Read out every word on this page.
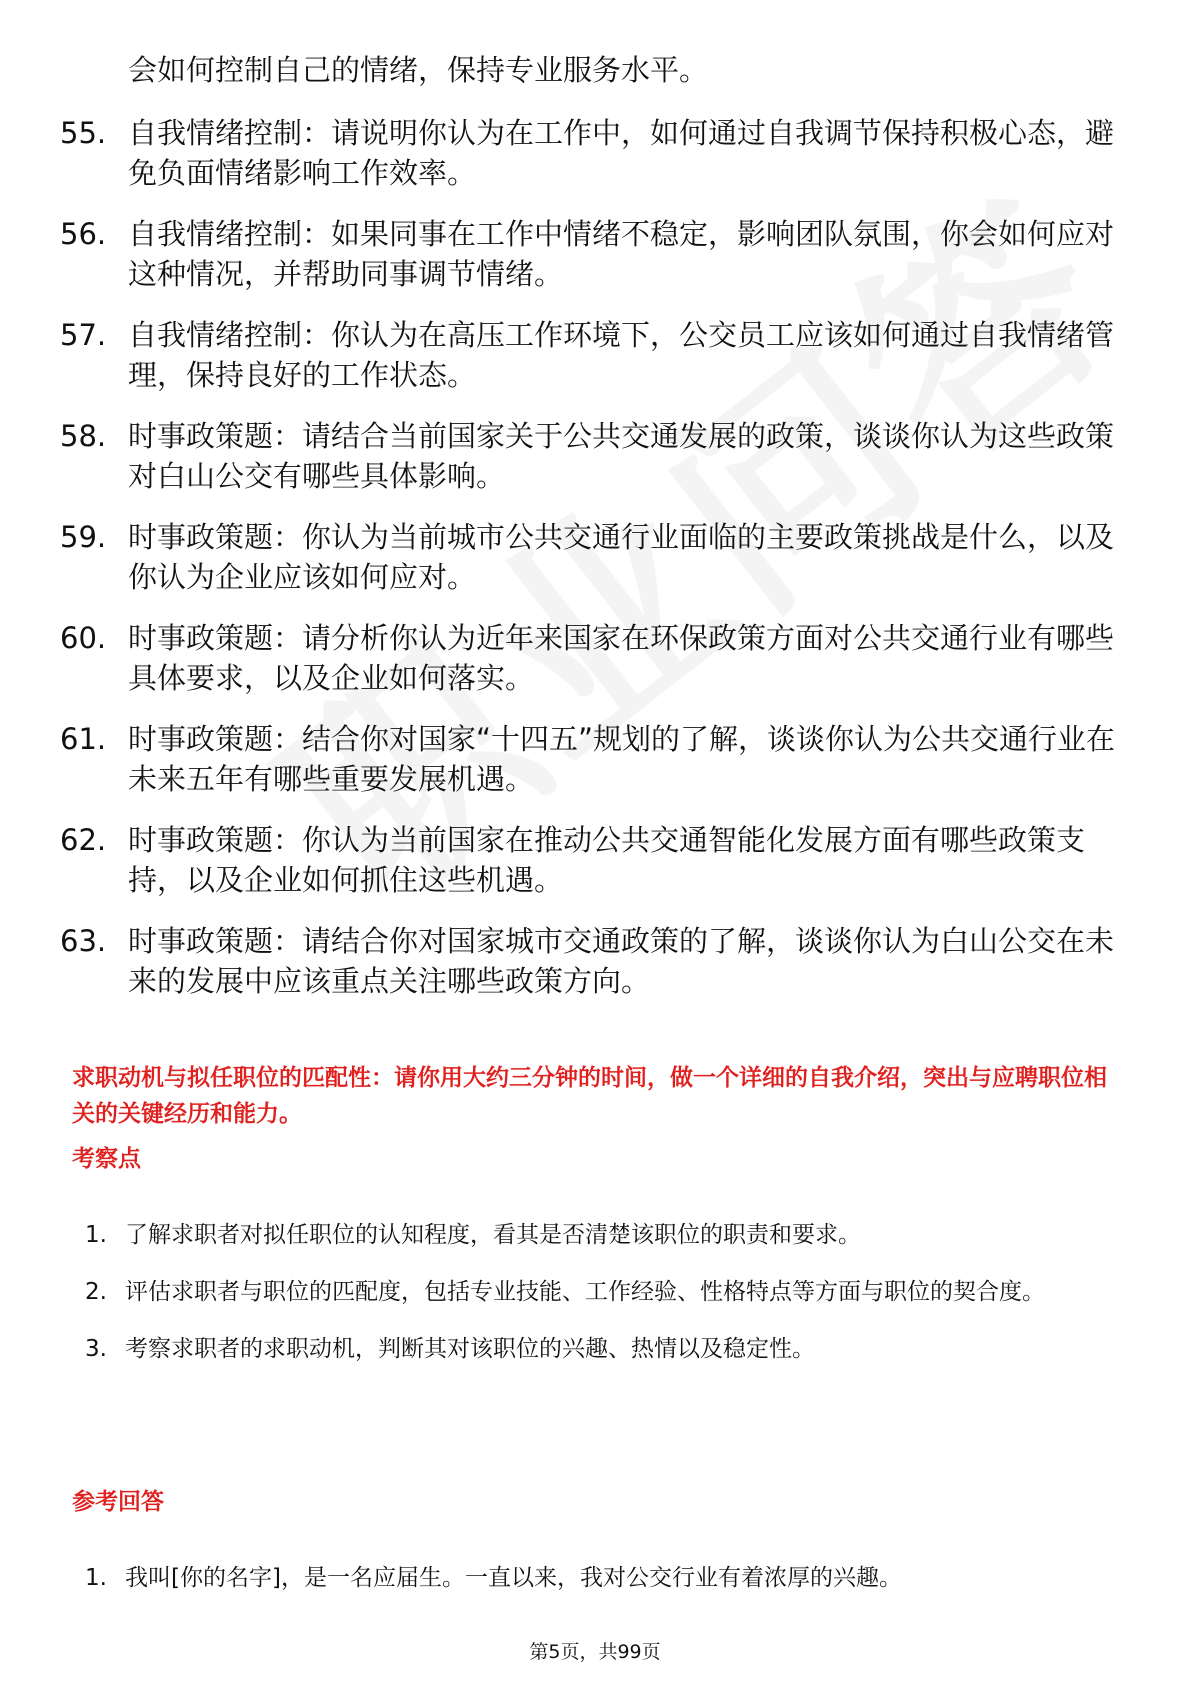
会如何控制自己的情绪，保持专业服务水平。

55. 自我情绪控制：请说明你认为在工作中，如何通过自我调节保持积极心态，避免负面情绪影响工作效率。
56. 自我情绪控制：如果同事在工作中情绪不稳定，影响团队氛围，你会如何应对这种情况，并帮助同事调节情绪。
57. 自我情绪控制：你认为在高压工作环境下，公交员工应该如何通过自我情绪管理，保持良好的工作状态。
58. 时事政策题：请结合当前国家关于公共交通发展的政策，谈谈你认为这些政策对白山公交有哪些具体影响。
59. 时事政策题：你认为当前城市公共交通行业面临的主要政策挑战是什么，以及你认为企业应该如何应对。
60. 时事政策题：请分析你认为近年来国家在环保政策方面对公共交通行业有哪些具体要求，以及企业如何落实。
61. 时事政策题：结合你对国家“十四五”规划的了解，谈谈你认为公共交通行业在未来五年有哪些重要发展机遇。
62. 时事政策题：你认为当前国家在推动公共交通智能化发展方面有哪些政策支持，以及企业如何抓住这些机遇。
63. 时事政策题：请结合你对国家城市交通政策的了解，谈谈你认为白山公交在未来的发展中应该重点关注哪些政策方向。

求职动机与拟任职位的匹配性：请你用大约三分钟的时间，做一个详细的自我介绍，突出与应聘职位相关的关键经历和能力。

考察点

1. 了解求职者对拟任职位的认知程度，看其是否清楚该职位的职责和要求。
2. 评估求职者与职位的匹配度，包括专业技能、工作经验、性格特点等方面与职位的契合度。
3. 考察求职者的求职动机，判断其对该职位的兴趣、热情以及稳定性。

参考回答

1. 我叫[你的名字]，是一名应届生。一直以来，我对公交行业有着浓厚的兴趣。
第5页，共99页
